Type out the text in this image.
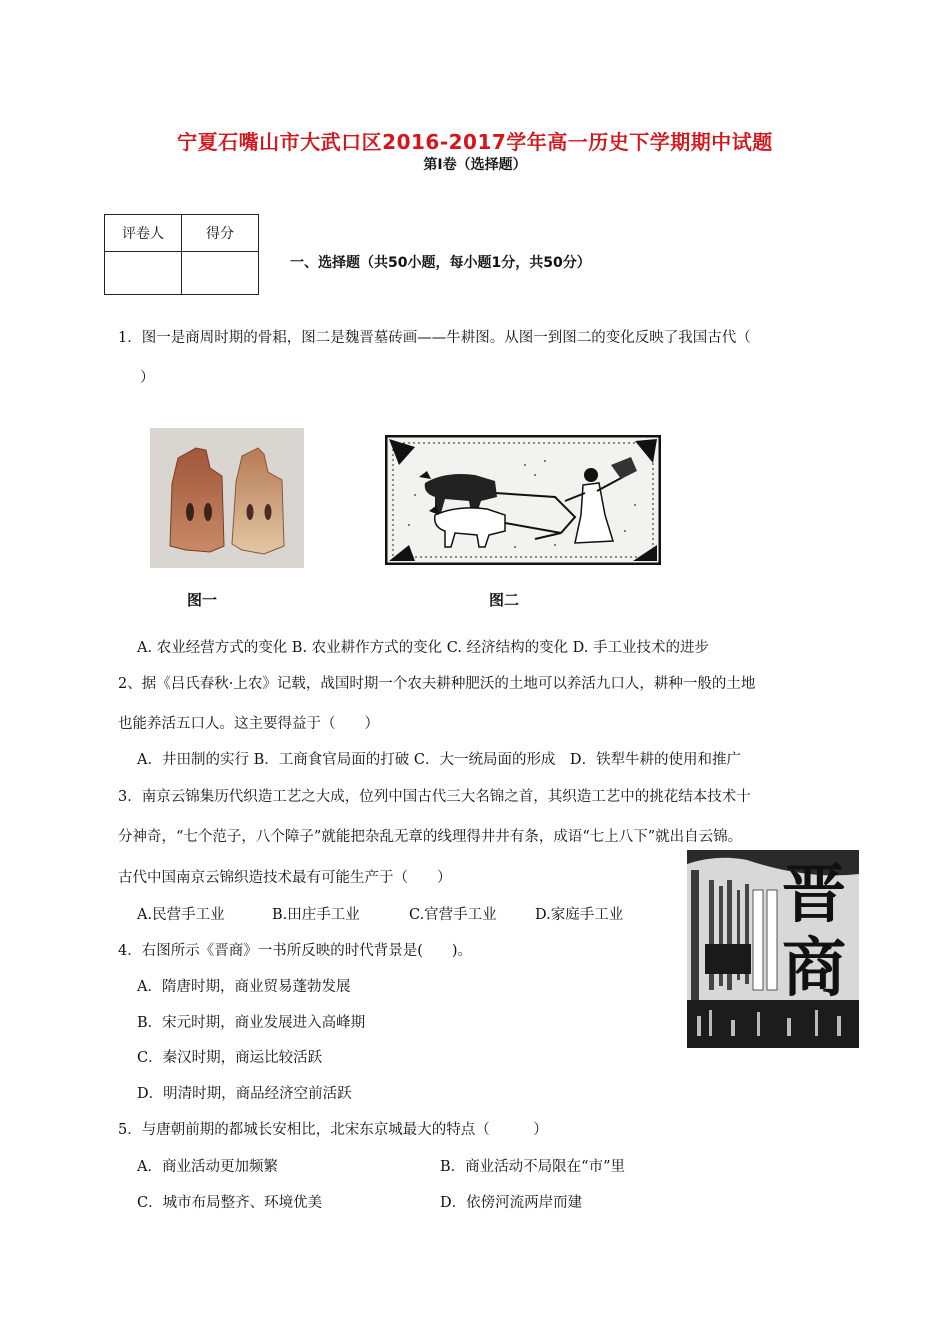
宁夏石嘴山市大武口区2016-2017学年高一历史下学期期中试题
第Ⅰ卷（选择题）
评卷人	得分

一、选择题（共50小题，每小题1分，共50分）
1．图一是商周时期的骨耜，图二是魏晋墓砖画——牛耕图。从图一到图二的变化反映了我国古代（
）
图一	图二
A. 农业经营方式的变化 B. 农业耕作方式的变化 C. 经济结构的变化 D. 手工业技术的进步
2、据《吕氏春秋·上农》记载，战国时期一个农夫耕种肥沃的土地可以养活九口人，耕种一般的土地
也能养活五口人。这主要得益于（　　）
A．井田制的实行 B．工商食官局面的打破 C．大一统局面的形成　D．铁犁牛耕的使用和推广
3．南京云锦集历代织造工艺之大成，位列中国古代三大名锦之首，其织造工艺中的挑花结本技术十
分神奇，“七个范子，八个障子”就能把杂乱无章的线理得井井有条，成语“七上八下”就出自云锦。
古代中国南京云锦织造技术最有可能生产于（　　）
A.民营手工业	B.田庄手工业	C.官营手工业	D.家庭手工业 晋商
4．右图所示《晋商》一书所反映的时代背景是(　　)。
A．隋唐时期，商业贸易蓬勃发展
B．宋元时期，商业发展进入高峰期
C．秦汉时期，商运比较活跃
D．明清时期，商品经济空前活跃
5．与唐朝前期的都城长安相比，北宋东京城最大的特点（　　　）
A．商业活动更加频繁	B．商业活动不局限在“市”里
C．城市布局整齐、环境优美	D．依傍河流两岸而建
